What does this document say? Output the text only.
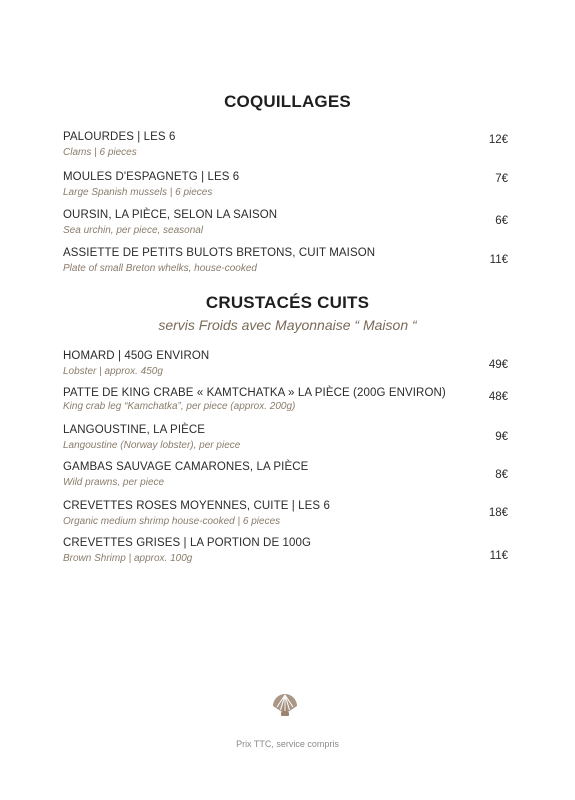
COQUILLAGES
PALOURDES | LES 6
Clams | 6 pieces
12€
MOULES D'ESPAGNETG | LES 6
Large Spanish mussels | 6 pieces
7€
OURSIN, LA PIÈCE, SELON LA SAISON
Sea urchin, per piece, seasonal
6€
ASSIETTE DE PETITS BULOTS BRETONS, CUIT MAISON
Plate of small Breton whelks, house-cooked
11€
CRUSTACÉS CUITS
servis Froids avec Mayonnaise “ Maison “
HOMARD | 450G ENVIRON
Lobster | approx. 450g
49€
PATTE DE KING CRABE « KAMTCHATKA » LA PIÈCE (200G ENVIRON)
King crab leg “Kamchatka”, per piece (approx. 200g)
48€
LANGOUSTINE, LA PIÈCE
Langoustine (Norway lobster), per piece
9€
GAMBAS SAUVAGE CAMARONES, LA PIÈCE
Wild prawns, per piece
8€
CREVETTES ROSES MOYENNES, CUITE | LES 6
Organic medium shrimp house-cooked | 6 pieces
18€
CREVETTES GRISES | LA PORTION DE 100G
Brown Shrimp | approx. 100g	11€
Prix TTC, service compris
